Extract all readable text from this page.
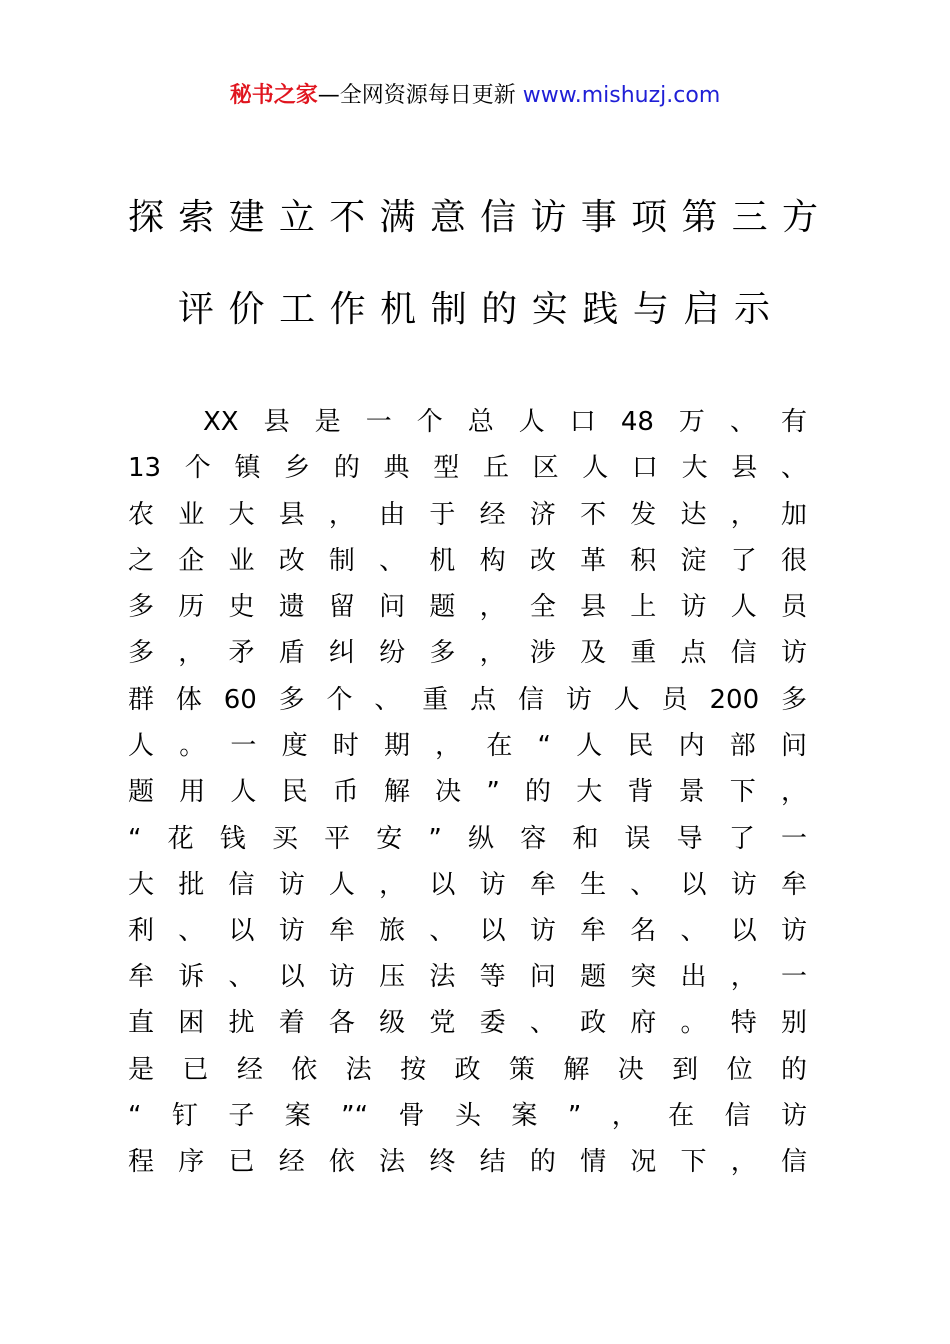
秘书之家—全网资源每日更新 www.mishuzj.com
探索建立不满意信访事项第三方
评价工作机制的实践与启示
XX县是一个总人口48万、有
13个镇乡的典型丘区人口大县、
农业大县，由于经济不发达，加
之企业改制、机构改革积淀了很
多历史遗留问题，全县上访人员
多，矛盾纠纷多，涉及重点信访
群体60多个、重点信访人员200多
人。一度时期，在“人民内部问
题用人民币解决”的大背景下，
“花钱买平安”纵容和误导了一
大批信访人，以访牟生、以访牟
利、以访牟旅、以访牟名、以访
牟诉、以访压法等问题突出，一
直困扰着各级党委、政府。特别
是已经依法按政策解决到位的
“钉子案”“骨头案”，在信访
程序已经依法终结的情况下，信
